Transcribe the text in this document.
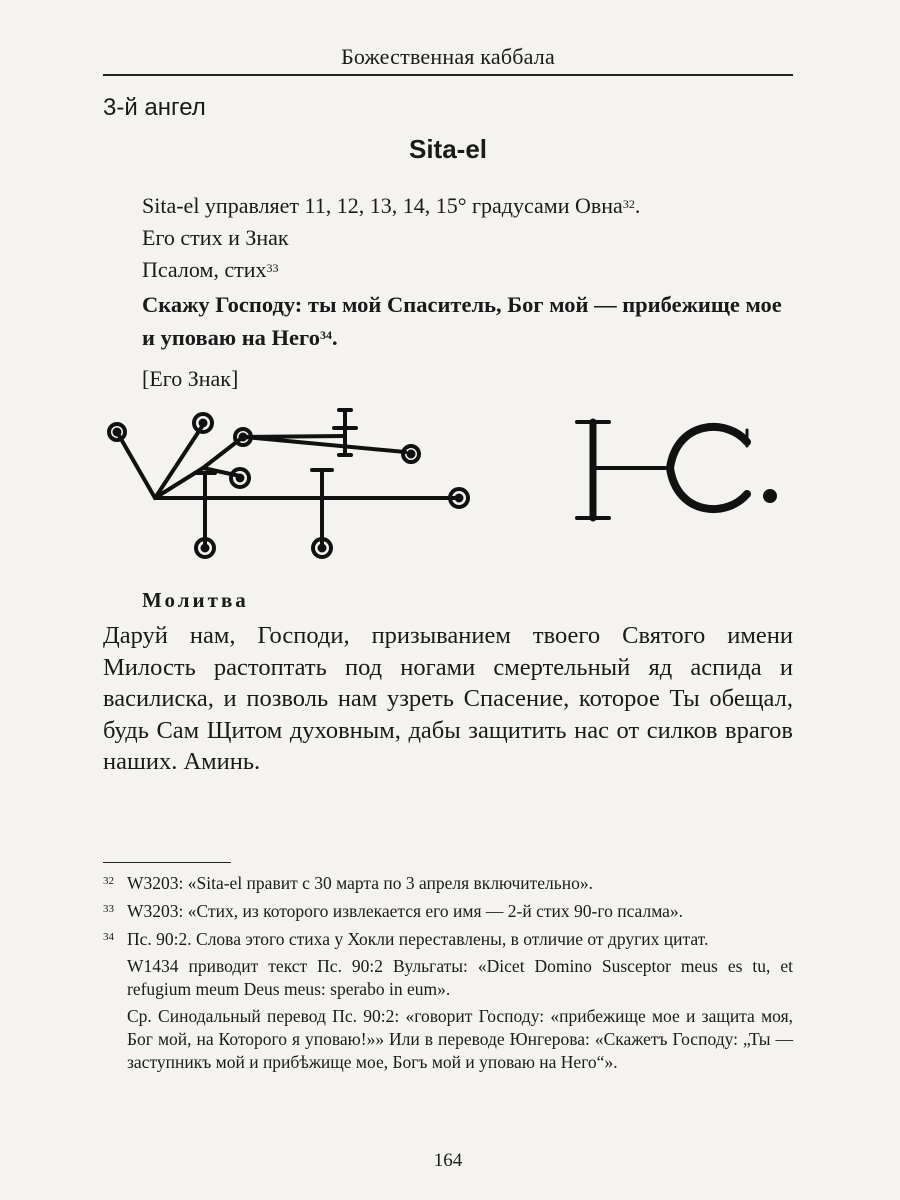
Божественная каббала
3-й ангел
Sita-el
Sita-el управляет 11, 12, 13, 14, 15° градусами Овна$^{32}$.
Его стих и Знак
Псалом, стих$^{33}$
Скажу Господу: ты мой Спаситель, Бог мой — прибежище мое и уповаю на Него$^{34}$.
[Его Знак]
Молитва
Даруй нам, Господи, призыванием твоего Святого имени Милость растоптать под ногами смертельный яд аспида и василиска, и позволь нам узреть Спасение, которое Ты обещал, будь Сам Щитом духовным, дабы защитить нас от силков врагов наших. Аминь.
32 W3203: «Sita-el правит с 30 марта по 3 апреля включительно».
33 W3203: «Стих, из которого извлекается его имя — 2-й стих 90-го псалма».
34 Пс. 90:2. Слова этого стиха у Хокли переставлены, в отличие от других цитат.

W1434 приводит текст Пс. 90:2 Вульгаты: «Dicet Domino Susceptor meus es tu, et refugium meum Deus meus: sperabo in eum».

Ср. Синодальный перевод Пс. 90:2: «говорит Господу: «прибежище мое и защита моя, Бог мой, на Которого я уповаю!»» Или в переводе Юнгерова: «Скажетъ Господу: „Ты — заступникъ мой и прибѣжище мое, Богъ мой и уповаю на Него“».

164
